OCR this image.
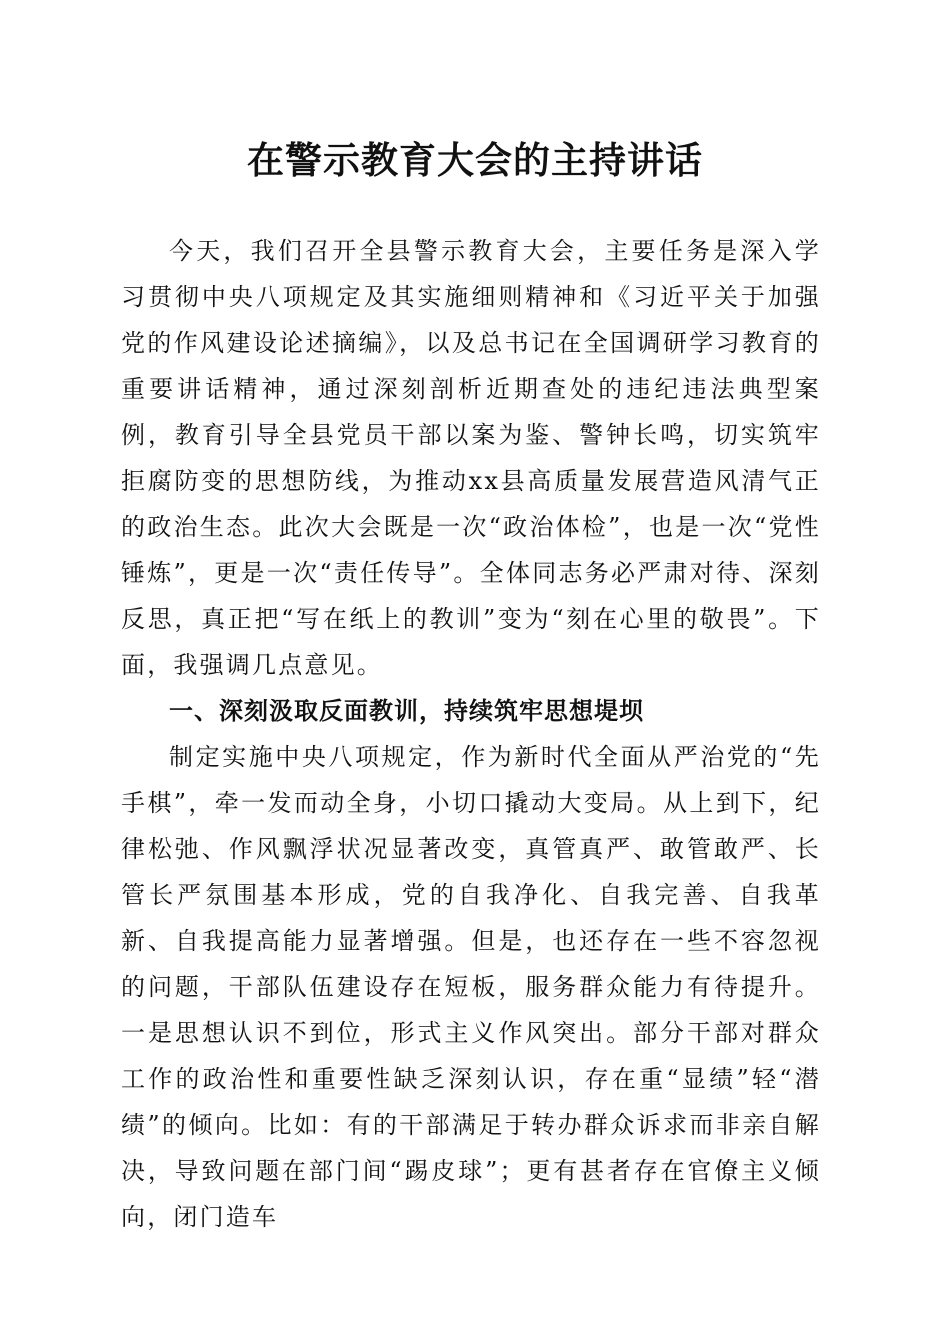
在警示教育大会的主持讲话

今天，我们召开全县警示教育大会，主要任务是深入学习贯彻中央八项规定及其实施细则精神和《习近平关于加强党的作风建设论述摘编》，以及总书记在全国调研学习教育的重要讲话精神，通过深刻剖析近期查处的违纪违法典型案例，教育引导全县党员干部以案为鉴、警钟长鸣，切实筑牢拒腐防变的思想防线，为推动xx县高质量发展营造风清气正的政治生态。此次大会既是一次“政治体检”，也是一次“党性锤炼”，更是一次“责任传导”。全体同志务必严肃对待、深刻反思，真正把“写在纸上的教训”变为“刻在心里的敬畏”。下面，我强调几点意见。

一、深刻汲取反面教训，持续筑牢思想堤坝

制定实施中央八项规定，作为新时代全面从严治党的“先手棋”，牵一发而动全身，小切口撬动大变局。从上到下，纪律松弛、作风飘浮状况显著改变，真管真严、敢管敢严、长管长严氛围基本形成，党的自我净化、自我完善、自我革新、自我提高能力显著增强。但是，也还存在一些不容忽视的问题，干部队伍建设存在短板，服务群众能力有待提升。一是思想认识不到位，形式主义作风突出。部分干部对群众工作的政治性和重要性缺乏深刻认识，存在重“显绩”轻“潜绩”的倾向。比如：有的干部满足于转办群众诉求而非亲自解决，导致问题在部门间“踢皮球”；更有甚者存在官僚主义倾向，闭门造车
